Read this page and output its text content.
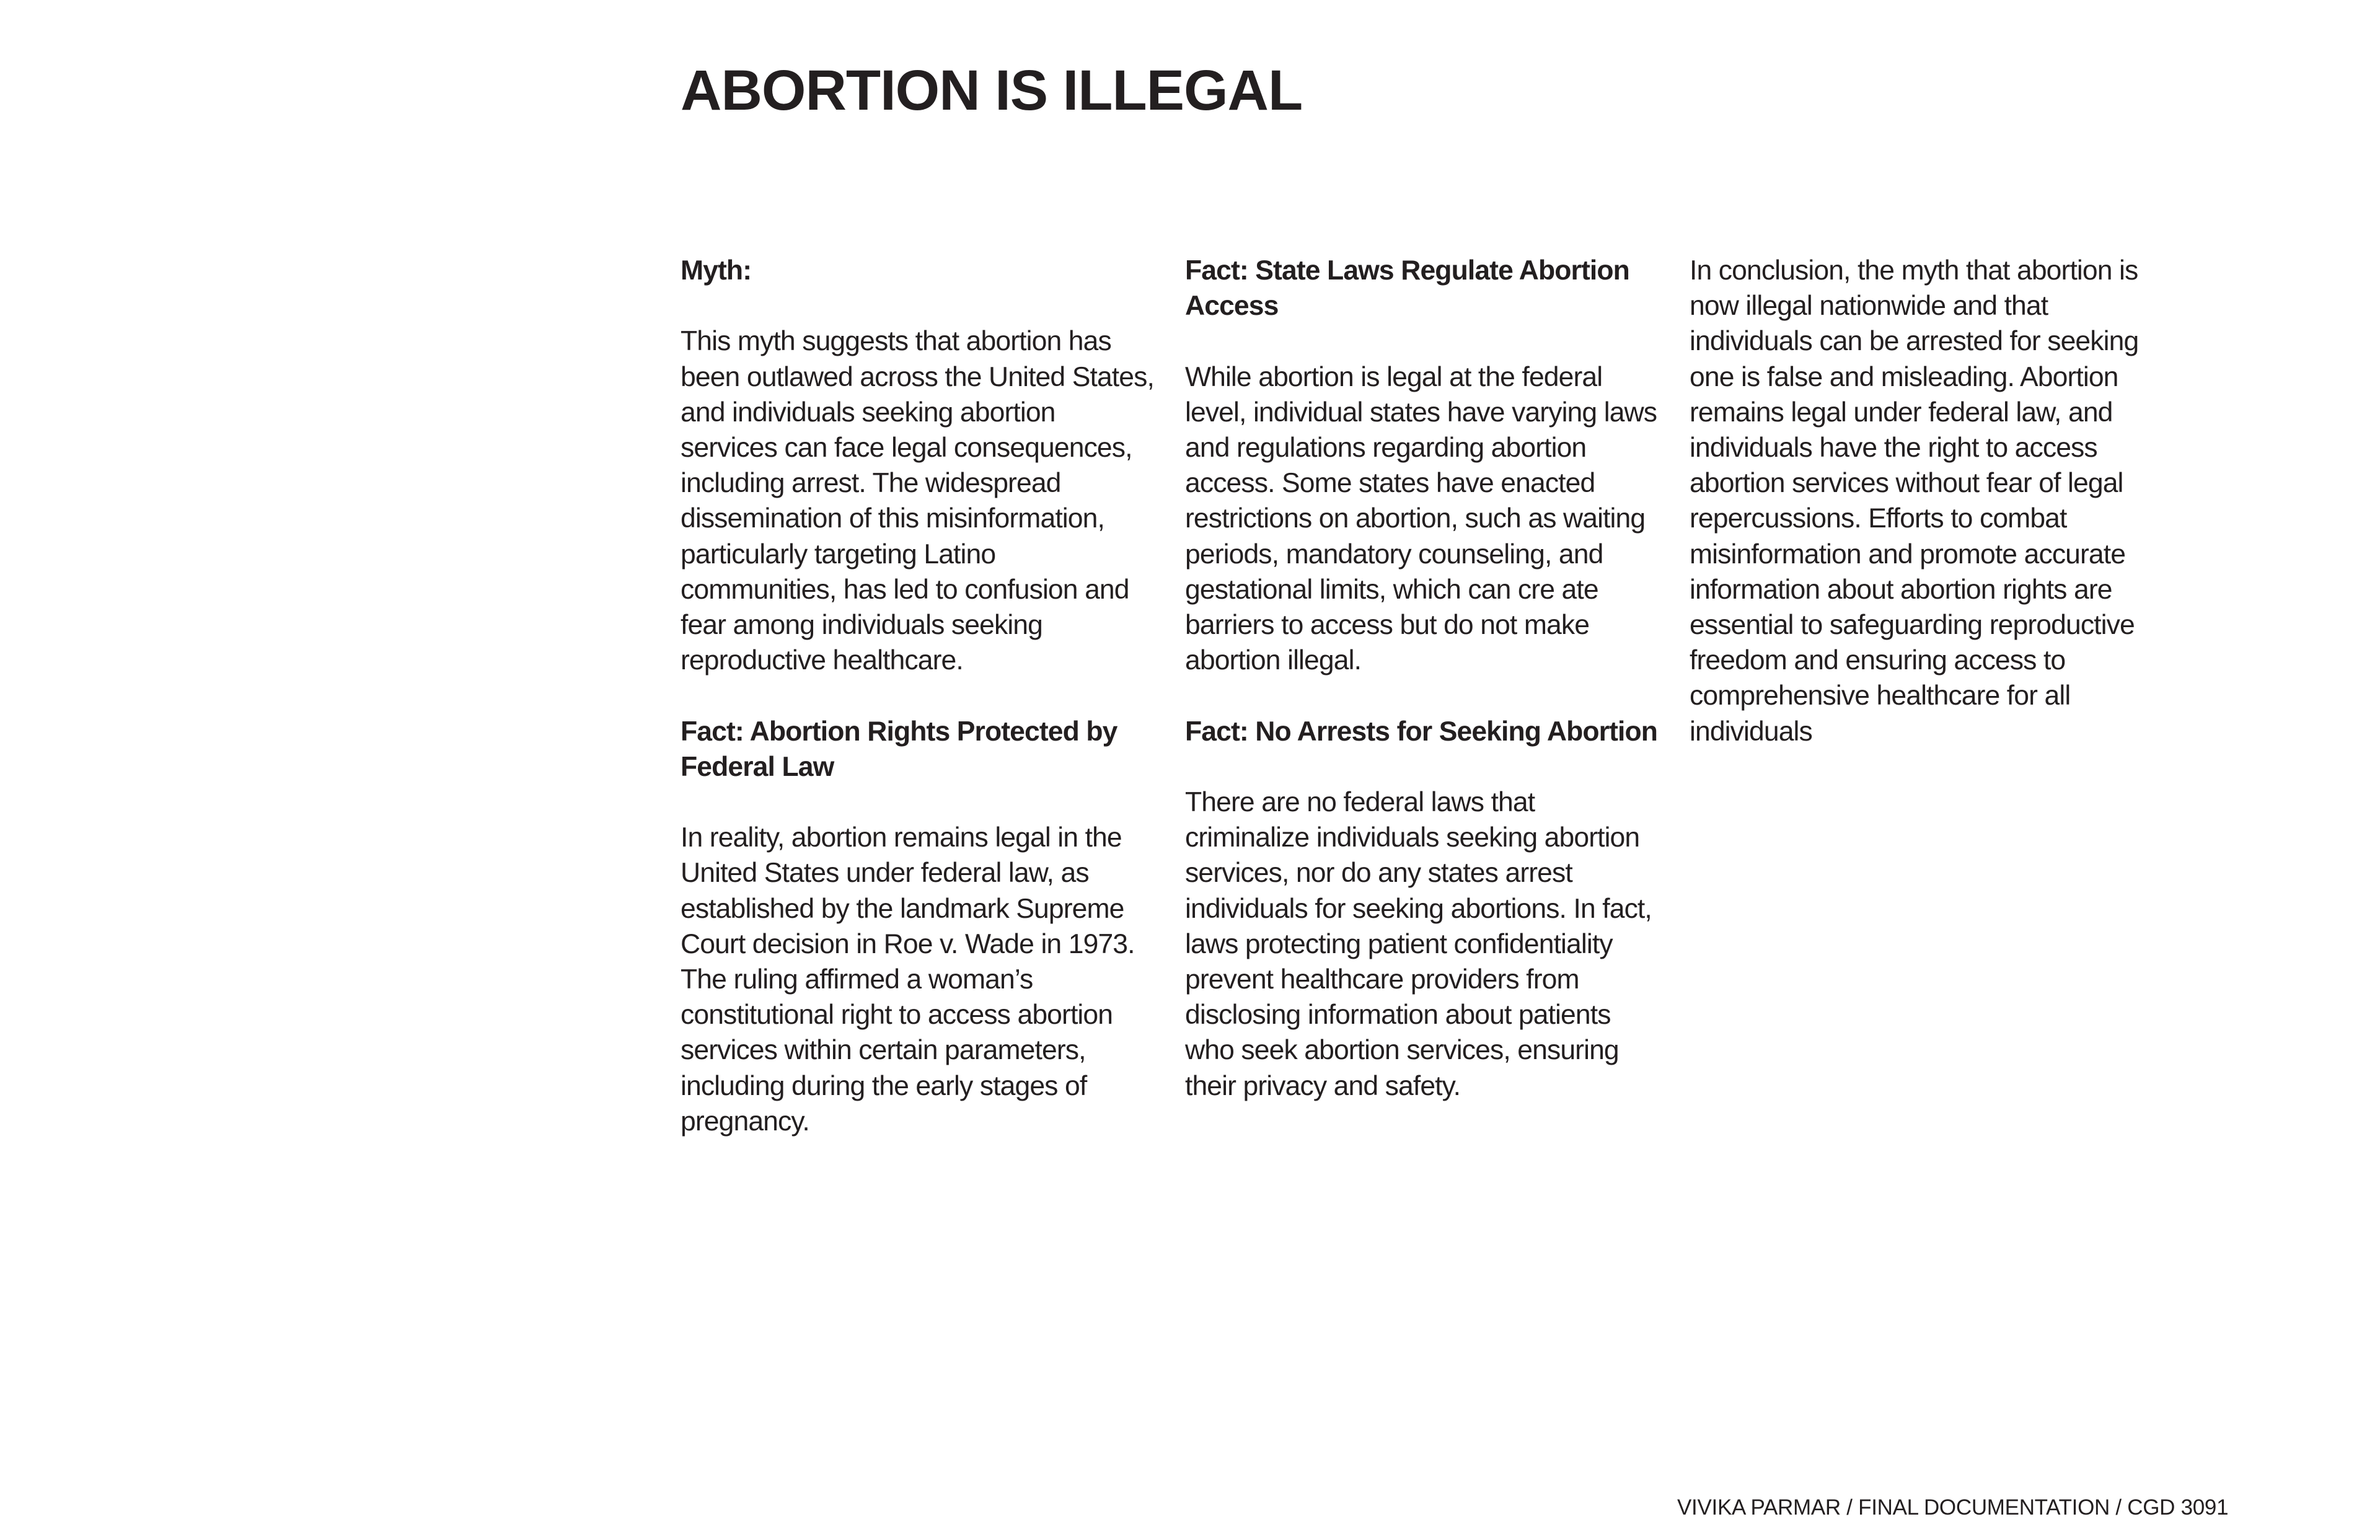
ABORTION IS ILLEGAL

Myth:

This myth suggests that abortion has been outlawed across the United States, and individuals seeking abortion services can face legal consequences, including arrest. The widespread dissemination of this misinformation, particularly targeting Latino communities, has led to confusion and fear among individuals seeking reproductive healthcare.

Fact: Abortion Rights Protected by Federal Law

In reality, abortion remains legal in the United States under federal law, as established by the landmark Supreme Court decision in Roe v. Wade in 1973. The ruling affirmed a woman’s constitutional right to access abortion services within certain parameters, including during the early stages of pregnancy.

Fact: State Laws Regulate Abortion Access

While abortion is legal at the federal level, individual states have varying laws and regulations regarding abortion access. Some states have enacted restrictions on abortion, such as waiting periods, mandatory counseling, and gestational limits, which can cre ate barriers to access but do not make abortion illegal.

Fact: No Arrests for Seeking Abortion

There are no federal laws that criminalize individuals seeking abortion services, nor do any states arrest individuals for seeking abortions. In fact, laws protecting patient confidentiality prevent healthcare providers from disclosing information about patients who seek abortion services, ensuring their privacy and safety.

In conclusion, the myth that abortion is now illegal nationwide and that individuals can be arrested for seeking one is false and misleading. Abortion remains legal under federal law, and individuals have the right to access abortion services without fear of legal repercussions. Efforts to combat misinformation and promote accurate information about abortion rights are essential to safeguarding reproductive freedom and ensuring access to comprehensive healthcare for all individuals

VIVIKA PARMAR / FINAL DOCUMENTATION / CGD 3091
